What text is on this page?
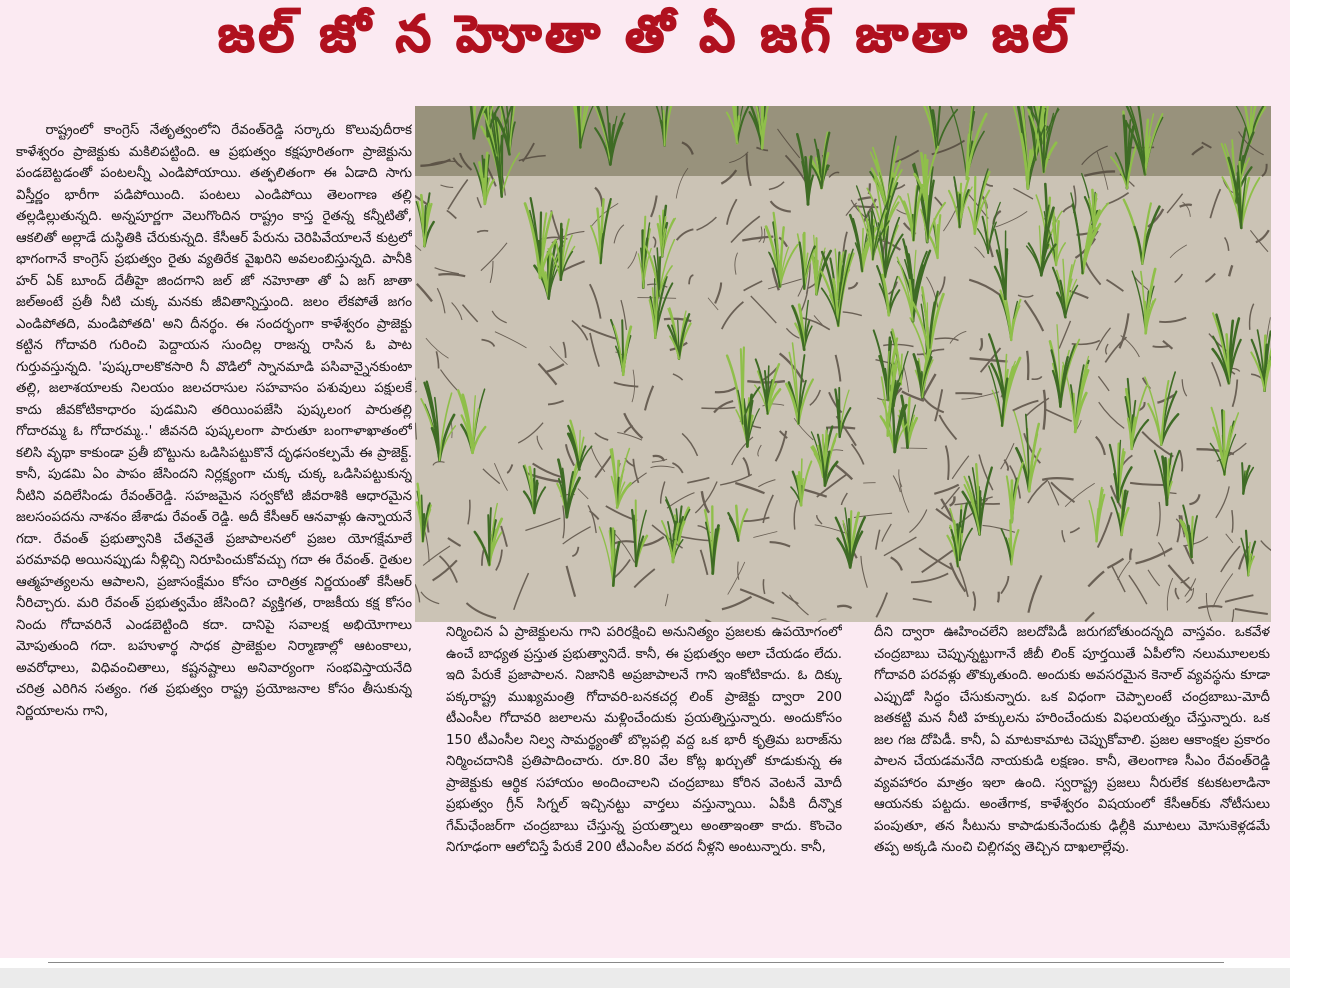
జల్ జో న హెూతా తో ఏ జగ్ జాతా జల్
రాష్ట్రంలో కాంగ్రెస్ నేతృత్వంలోని రేవంత్‌రెడ్డి సర్కారు కొలువుదీరాక కాళేశ్వరం ప్రాజెక్టుకు మకిలిపట్టింది. ఆ ప్రభుత్వం కక్షపూరితంగా ప్రాజెక్టును పండబెట్టడంతో పంటలన్నీ ఎండిపోయాయి. తత్ఫలితంగా ఈ ఏడాది సాగు విస్తీర్ణం భారీగా పడిపోయింది. పంటలు ఎండిపోయి తెలంగాణ తల్లి తల్లడిల్లుతున్నది. అన్నపూర్ణగా వెలుగొందిన రాష్ట్రం కాస్త రైతన్న కన్నీటితో, ఆకలితో అల్లాడే దుస్థితికి చేరుకున్నది. కేసీఆర్ పేరును చెరిపివేయాలనే కుట్రలో భాగంగానే కాంగ్రెస్ ప్రభుత్వం రైతు వ్యతిరేక వైఖరిని అవలంబిస్తున్నది. పానీకి హర్ ఏక్ బూంద్ దేతీహై జిందగాని జల్ జో నహెూతా తో ఏ జగ్ జాతా జల్‌అంటే ప్రతీ నీటి చుక్క మనకు జీవితాన్నిస్తుంది. జలం లేకపోతే జగం ఎండిపోతది, మండిపోతది' అని దీనర్థం. ఈ సందర్భంగా కాళేశ్వరం ప్రాజెక్టు కట్టిన గోదావరి గురించి పెద్దాయన సుందిల్ల రాజన్న రాసిన ఓ పాట గుర్తువస్తున్నది. 'పుష్కరాలకొకసారి నీ వొడిలో స్నానమాడి పసివాన్నైనకుంటా తల్లి, జలాశయాలకు నిలయం జలచరాసుల సహవాసం పశువులు పక్షులకే కాదు జీవకోటికాధారం పుడమిని తరియింపజేసి పుష్కలంగ పారుతల్లి గోదారమ్మ ఓ గోదారమ్మ..' జీవనది పుష్కలంగా పారుతూ బంగాళాఖాతంలో కలిసి వృథా కాకుండా ప్రతీ బొట్టును ఒడిసిపట్టుకొనే దృఢసంకల్పమే ఈ ప్రాజెక్ట్. కానీ, పుడమి ఏం పాపం జేసిందని నిర్లక్ష్యంగా చుక్క చుక్క ఒడిసిపట్టుకున్న నీటిని వదిలేసిండు రేవంత్‌రెడ్డి. సహజమైన సర్వకోటి జీవరాశికి ఆధారమైన జలసంపదను నాశనం జేశాడు రేవంత్ రెడ్డి. అదీ కేసీఆర్ ఆనవాళ్లు ఉన్నాయనే గదా. రేవంత్ ప్రభుత్వానికి చేతనైతే ప్రజాపాలనలో ప్రజల యోగక్షేమాలే పరమావధి అయినప్పుడు నీళ్లిచ్చి నిరూపించుకోవచ్చు గదా ఈ రేవంత్. రైతుల ఆత్మహత్యలను ఆపాలని, ప్రజాసంక్షేమం కోసం చారిత్రక నిర్ణయంతో కేసీఆర్ నీరిచ్చారు. మరి రేవంత్ ప్రభుత్వమేం జేసింది? వ్యక్తిగత, రాజకీయ కక్ష కోసం నిందు గోదావరినే ఎండబెట్టింది కదా. దానిపై సవాలక్ష అభియోగాలు మోపుతుంది గదా. బహుళార్థ సాధక ప్రాజెక్టుల నిర్మాణాల్లో ఆటంకాలు, అవరోధాలు, విధివంచితాలు, కష్టనష్టాలు అనివార్యంగా సంభవిస్తాయనేది చరిత్ర ఎరిగిన సత్యం. గత ప్రభుత్వం రాష్ట్ర ప్రయోజనాల కోసం తీసుకున్న నిర్ణయాలను గాని,
నిర్మించిన ఏ ప్రాజెక్టులను గాని పరిరక్షించి అనునిత్యం ప్రజలకు ఉపయోగంలో ఉంచే బాధ్యత ప్రస్తుత ప్రభుత్వానిదే. కానీ, ఈ ప్రభుత్వం అలా చేయడం లేదు. ఇది పేరుకే ప్రజాపాలన. నిజానికి అప్రజాపాలనే గాని ఇంకోటికాదు. ఓ దిక్కు పక్కరాష్ట్ర ముఖ్యమంత్రి గోదావరి-బనకచర్ల లింక్ ప్రాజెక్టు ద్వారా 200 టీఎంసీల గోదావరి జలాలను మళ్లించేందుకు ప్రయత్నిస్తున్నారు. అందుకోసం 150 టీఎంసీల నిల్వ సామర్థ్యంతో బొల్లపల్లి వద్ద ఒక భారీ కృత్రిమ బరాజ్‌ను నిర్మించదానికి ప్రతిపాదించారు. రూ.80 వేల కోట్ల ఖర్చుతో కూడుకున్న ఈ ప్రాజెక్టుకు ఆర్థిక సహాయం అందించాలని చంద్రబాబు కోరిన వెంటనే మోదీ ప్రభుత్వం గ్రీన్ సిగ్నల్ ఇచ్చినట్టు వార్తలు వస్తున్నాయి. ఏపీకి దీన్నొక గేమ్‌ఛేంజర్‌గా చంద్రబాబు చేస్తున్న ప్రయత్నాలు అంతాఇంతా కాదు. కొంచెం నిగూఢంగా ఆలోచిస్తే పేరుకే 200 టీఎంసీల వరద నీళ్లని అంటున్నారు. కానీ,
దీని ద్వారా ఊహించలేని జలదోపిడీ జరుగబోతుందన్నది వాస్తవం. ఒకవేళ చంద్రబాబు చెప్పున్నట్టుగానే జీబీ లింక్ పూర్తయితే ఏపీలోని నలుమూలలకు గోదావరి పరవళ్లు తొక్కుతుంది. అందుకు అవసరమైన కెనాల్ వ్యవస్థను కూడా ఎప్పుడో సిద్ధం చేసుకున్నారు. ఒక విధంగా చెప్పాలంటే చంద్రబాబు-మోదీ జతకట్టి మన నీటి హక్కులను హరించేందుకు విఫలయత్నం చేస్తున్నారు. ఒక జల గజ దోపిడీ. కానీ, ఏ మాటకామాట చెప్పుకోవాలి. ప్రజల ఆకాంక్షల ప్రకారం పాలన చేయడమనేది నాయకుడి లక్షణం. కానీ, తెలంగాణ సీఎం రేవంత్‌రెడ్డి వ్యవహారం మాత్రం ఇలా ఉంది. స్వరాష్ట్ర ప్రజలు నీరులేక కటకటలాడినా ఆయనకు పట్టదు. అంతేగాక, కాళేశ్వరం విషయంలో కేసీఆర్‌కు నోటీసులు పంపుతూ, తన సీటును కాపాడుకునేందుకు ఢిల్లీకి మూటలు మోసుకెళ్లడమే తప్ప అక్కడి నుంచి చిల్లిగవ్వ తెచ్చిన దాఖలాల్లేవు.
